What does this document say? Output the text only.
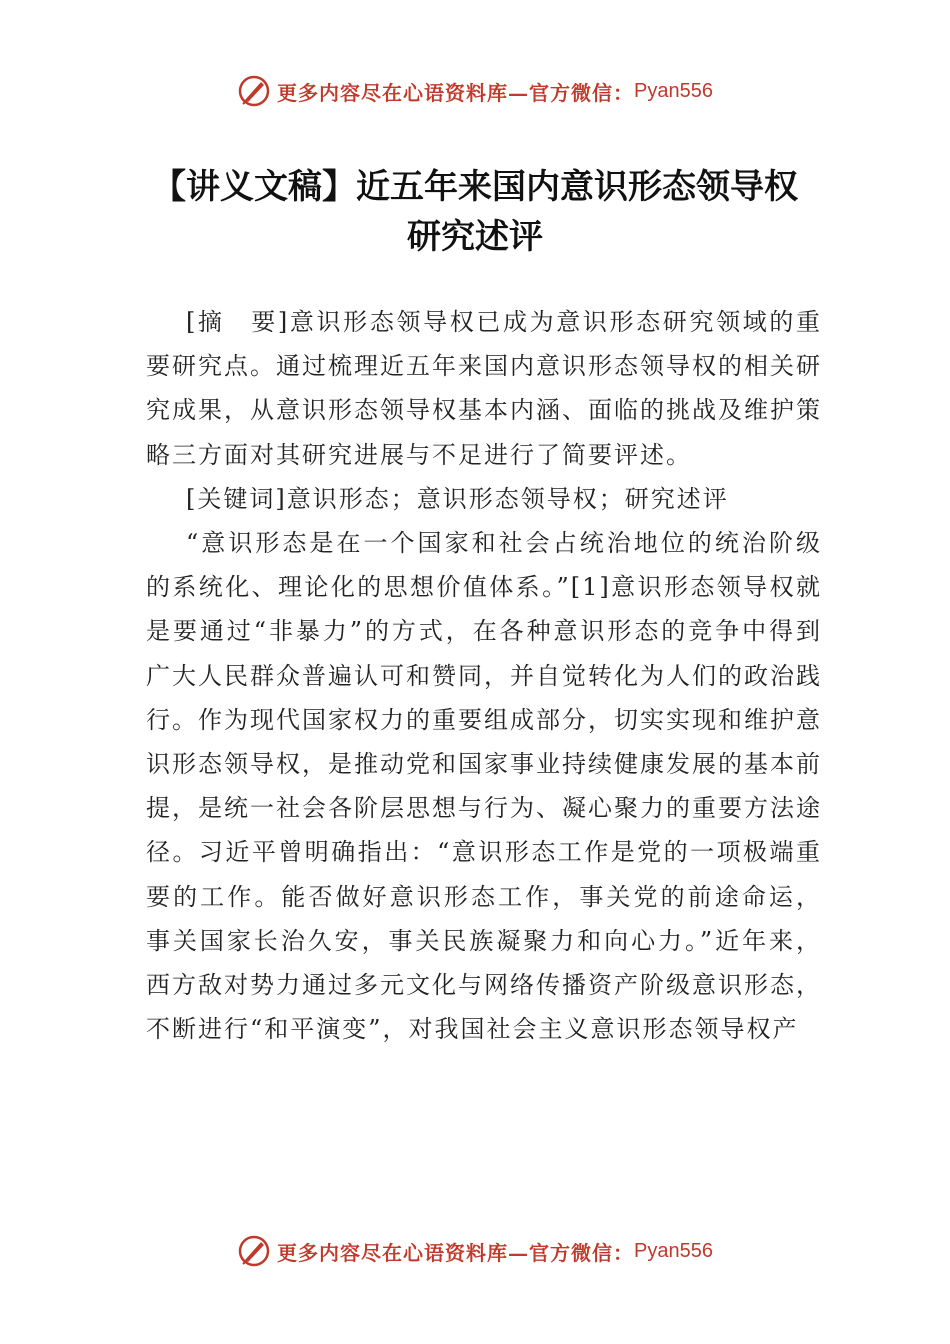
更多内容尽在心语资料库—官方微信： Pyan556
【讲义文稿】近五年来国内意识形态领导权
研究述评

[摘　要]意识形态领导权已成为意识形态研究领域的重要研究点。通过梳理近五年来国内意识形态领导权的相关研究成果，从意识形态领导权基本内涵、面临的挑战及维护策略三方面对其研究进展与不足进行了简要评述。

[关键词]意识形态；意识形态领导权；研究述评

“意识形态是在一个国家和社会占统治地位的统治阶级的系统化、理论化的思想价值体系。”[1]意识形态领导权就是要通过“非暴力”的方式，在各种意识形态的竞争中得到广大人民群众普遍认可和赞同，并自觉转化为人们的政治践行。作为现代国家权力的重要组成部分，切实实现和维护意识形态领导权，是推动党和国家事业持续健康发展的基本前提，是统一社会各阶层思想与行为、凝心聚力的重要方法途径。习近平曾明确指出：“意识形态工作是党的一项极端重要的工作。能否做好意识形态工作，事关党的前途命运， 事关国家长治久安，事关民族凝聚力和向心力。”近年来， 西方敌对势力通过多元文化与网络传播资产阶级意识形态， 不断进行“和平演变”，对我国社会主义意识形态领导权产

更多内容尽在心语资料库—官方微信： Pyan556
